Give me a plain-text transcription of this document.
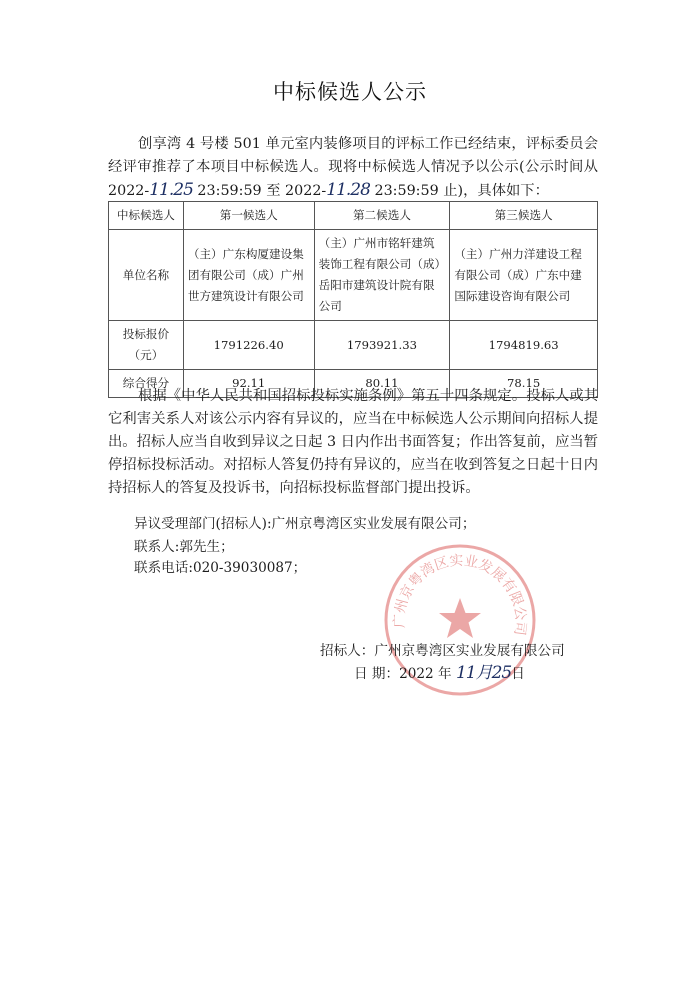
中标候选人公示

创享湾 4 号楼 501 单元室内装修项目的评标工作已经结束，评标委员会经评审推荐了本项目中标候选人。现将中标候选人情况予以公示(公示时间从 2022-11.25 23:59:59 至 2022-11.28 23:59:59 止)，具体如下：

中标候选人	第一候选人	第二候选人	第三候选人
单位名称	（主）广东构厦建设集团有限公司（成）广州世方建筑设计有限公司	（主）广州市铭轩建筑装饰工程有限公司（成）岳阳市建筑设计院有限公司	（主）广州力洋建设工程有限公司（成）广东中建国际建设咨询有限公司
投标报价（元）	1791226.40	1793921.33	1794819.63
综合得分	92.11	80.11	78.15

根据《中华人民共和国招标投标实施条例》第五十四条规定。投标人或其它利害关系人对该公示内容有异议的，应当在中标候选人公示期间向招标人提出。招标人应当自收到异议之日起 3 日内作出书面答复；作出答复前，应当暂停招标投标活动。对招标人答复仍持有异议的，应当在收到答复之日起十日内持招标人的答复及投诉书，向招标投标监督部门提出投诉。

异议受理部门(招标人):广州京粤湾区实业发展有限公司；
联系人:郭先生；
联系电话:020-39030087；
广州京粤湾区实业发展有限公司
招标人：广州京粤湾区实业发展有限公司
日 期：2022 年 11月25日
